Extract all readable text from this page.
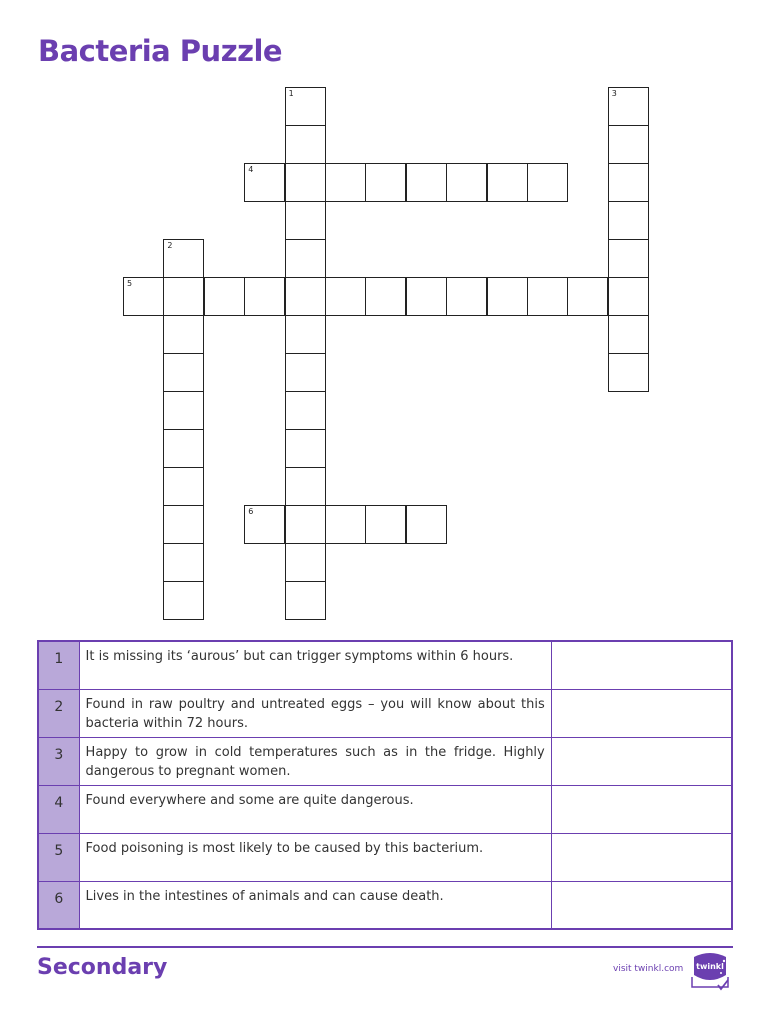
Bacteria Puzzle
1	3
4
2
5
6
1	It is missing its ‘aurous’ but can trigger symptoms within 6 hours.	
2	Found in raw poultry and untreated eggs – you will know about this bacteria within 72 hours.	
3	Happy to grow in cold temperatures such as in the fridge. Highly dangerous to pregnant women.	
4	Found everywhere and some are quite dangerous.	
5	Food poisoning is most likely to be caused by this bacterium.	
6	Lives in the intestines of animals and can cause death.	
Secondary	visit twinkl.com twinkl
